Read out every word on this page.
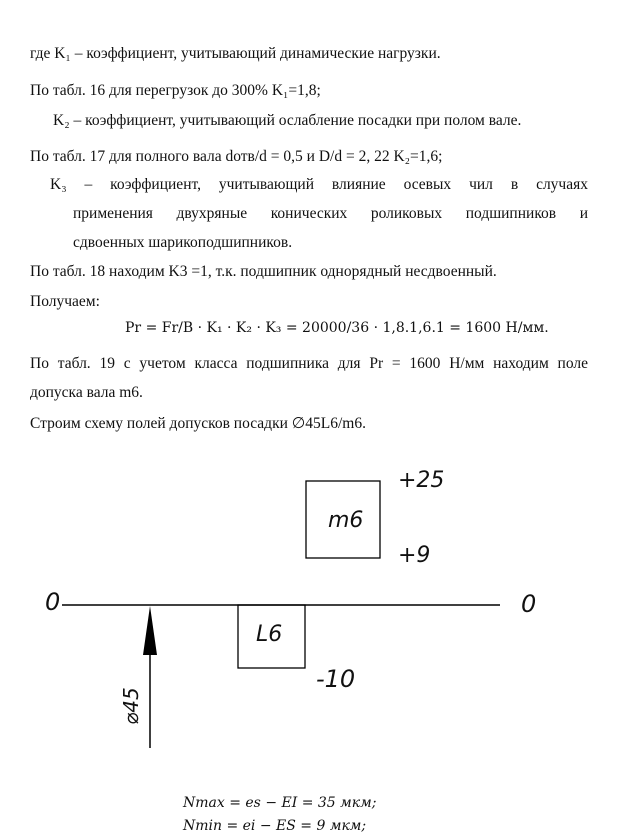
где K₁ – коэффициент, учитывающий динамические нагрузки.
По табл. 16 для перегрузок до 300% K₁=1,8;
K₂ – коэффициент, учитывающий ослабление посадки при полом вале.
По табл. 17 для полного вала dотв/d = 0,5 и D/d = 2, 22 K₂=1,6;
K₃ – коэффициент, учитывающий влияние осевых чил в случаях
применения двухряные конических роликовых подшипников и
сдвоенных шарикоподшипников.
По табл. 18 находим K3 =1, т.к. подшипник однорядный несдвоенный.
Получаем:
Pr = Fr/B · K₁ · K₂ · K₃ = 20000/36 · 1,8.1,6.1 = 1600 Н/мм.
По табл. 19 с учетом класса подшипника для Pr = 1600 Н/мм находим поле
допуска вала m6.
Строим схему полей допусков посадки ∅45L6/m6.
0	0
m6
+25
+9
L6
-10
⌀45
Nmax = es − EI = 35 мкм;
Nmin = ei − ES = 9 мкм;
